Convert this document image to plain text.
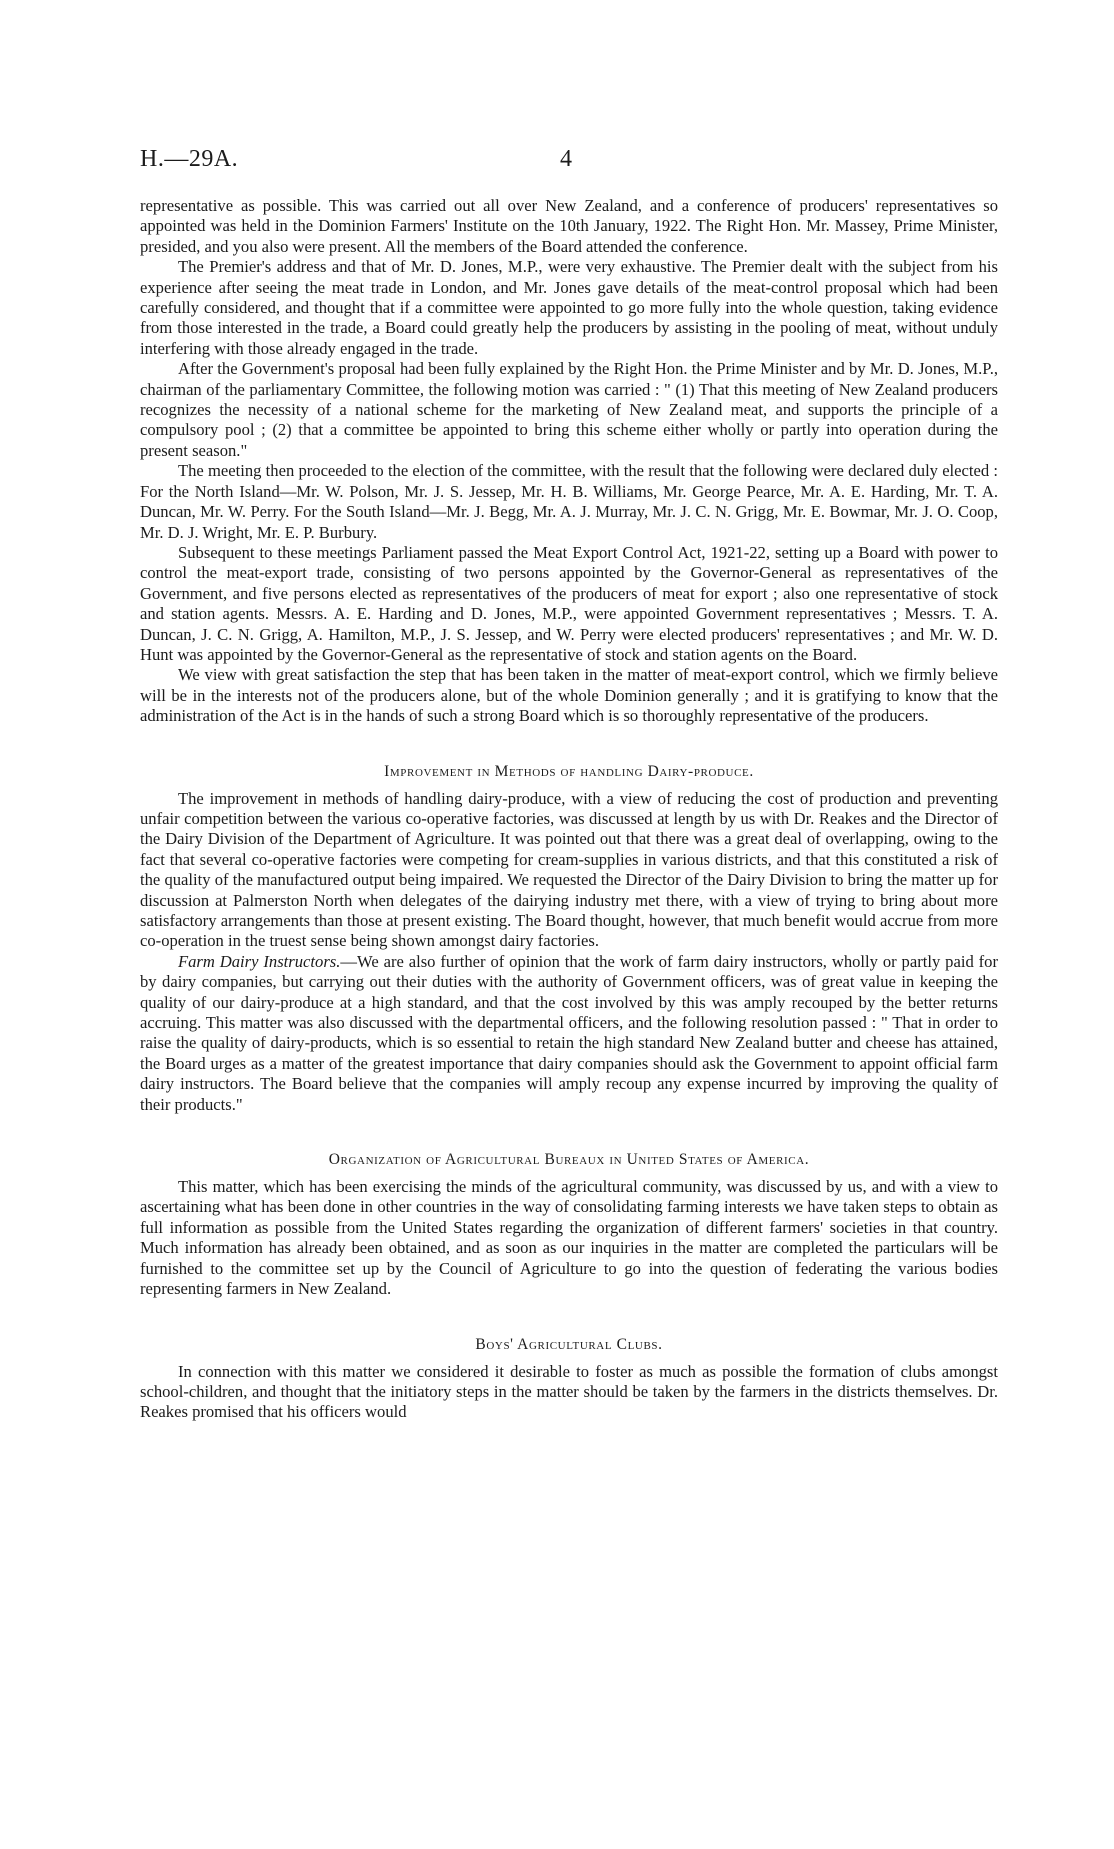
H.—29A.	4

representative as possible. This was carried out all over New Zealand, and a conference of producers' representatives so appointed was held in the Dominion Farmers' Institute on the 10th January, 1922. The Right Hon. Mr. Massey, Prime Minister, presided, and you also were present. All the members of the Board attended the conference.

The Premier's address and that of Mr. D. Jones, M.P., were very exhaustive. The Premier dealt with the subject from his experience after seeing the meat trade in London, and Mr. Jones gave details of the meat-control proposal which had been carefully considered, and thought that if a committee were appointed to go more fully into the whole question, taking evidence from those interested in the trade, a Board could greatly help the producers by assisting in the pooling of meat, without unduly interfering with those already engaged in the trade.

After the Government's proposal had been fully explained by the Right Hon. the Prime Minister and by Mr. D. Jones, M.P., chairman of the parliamentary Committee, the following motion was carried : " (1) That this meeting of New Zealand producers recognizes the necessity of a national scheme for the marketing of New Zealand meat, and supports the principle of a compulsory pool ; (2) that a committee be appointed to bring this scheme either wholly or partly into operation during the present season."

The meeting then proceeded to the election of the committee, with the result that the following were declared duly elected : For the North Island—Mr. W. Polson, Mr. J. S. Jessep, Mr. H. B. Williams, Mr. George Pearce, Mr. A. E. Harding, Mr. T. A. Duncan, Mr. W. Perry. For the South Island—Mr. J. Begg, Mr. A. J. Murray, Mr. J. C. N. Grigg, Mr. E. Bowmar, Mr. J. O. Coop, Mr. D. J. Wright, Mr. E. P. Burbury.

Subsequent to these meetings Parliament passed the Meat Export Control Act, 1921-22, setting up a Board with power to control the meat-export trade, consisting of two persons appointed by the Governor-General as representatives of the Government, and five persons elected as representatives of the producers of meat for export ; also one representative of stock and station agents. Messrs. A. E. Harding and D. Jones, M.P., were appointed Government representatives ; Messrs. T. A. Duncan, J. C. N. Grigg, A. Hamilton, M.P., J. S. Jessep, and W. Perry were elected producers' representatives ; and Mr. W. D. Hunt was appointed by the Governor-General as the representative of stock and station agents on the Board.

We view with great satisfaction the step that has been taken in the matter of meat-export control, which we firmly believe will be in the interests not of the producers alone, but of the whole Dominion generally ; and it is gratifying to know that the administration of the Act is in the hands of such a strong Board which is so thoroughly representative of the producers.

Improvement in Methods of handling Dairy-produce.

The improvement in methods of handling dairy-produce, with a view of reducing the cost of production and preventing unfair competition between the various co-operative factories, was discussed at length by us with Dr. Reakes and the Director of the Dairy Division of the Department of Agriculture. It was pointed out that there was a great deal of overlapping, owing to the fact that several co-operative factories were competing for cream-supplies in various districts, and that this constituted a risk of the quality of the manufactured output being impaired. We requested the Director of the Dairy Division to bring the matter up for discussion at Palmerston North when delegates of the dairying industry met there, with a view of trying to bring about more satisfactory arrangements than those at present existing. The Board thought, however, that much benefit would accrue from more co-operation in the truest sense being shown amongst dairy factories.

Farm Dairy Instructors.—We are also further of opinion that the work of farm dairy instructors, wholly or partly paid for by dairy companies, but carrying out their duties with the authority of Government officers, was of great value in keeping the quality of our dairy-produce at a high standard, and that the cost involved by this was amply recouped by the better returns accruing. This matter was also discussed with the departmental officers, and the following resolution passed : " That in order to raise the quality of dairy-products, which is so essential to retain the high standard New Zealand butter and cheese has attained, the Board urges as a matter of the greatest importance that dairy companies should ask the Government to appoint official farm dairy instructors. The Board believe that the companies will amply recoup any expense incurred by improving the quality of their products."

Organization of Agricultural Bureaux in United States of America.

This matter, which has been exercising the minds of the agricultural community, was discussed by us, and with a view to ascertaining what has been done in other countries in the way of consolidating farming interests we have taken steps to obtain as full information as possible from the United States regarding the organization of different farmers' societies in that country. Much information has already been obtained, and as soon as our inquiries in the matter are completed the particulars will be furnished to the committee set up by the Council of Agriculture to go into the question of federating the various bodies representing farmers in New Zealand.

Boys' Agricultural Clubs.

In connection with this matter we considered it desirable to foster as much as possible the formation of clubs amongst school-children, and thought that the initiatory steps in the matter should be taken by the farmers in the districts themselves. Dr. Reakes promised that his officers would
